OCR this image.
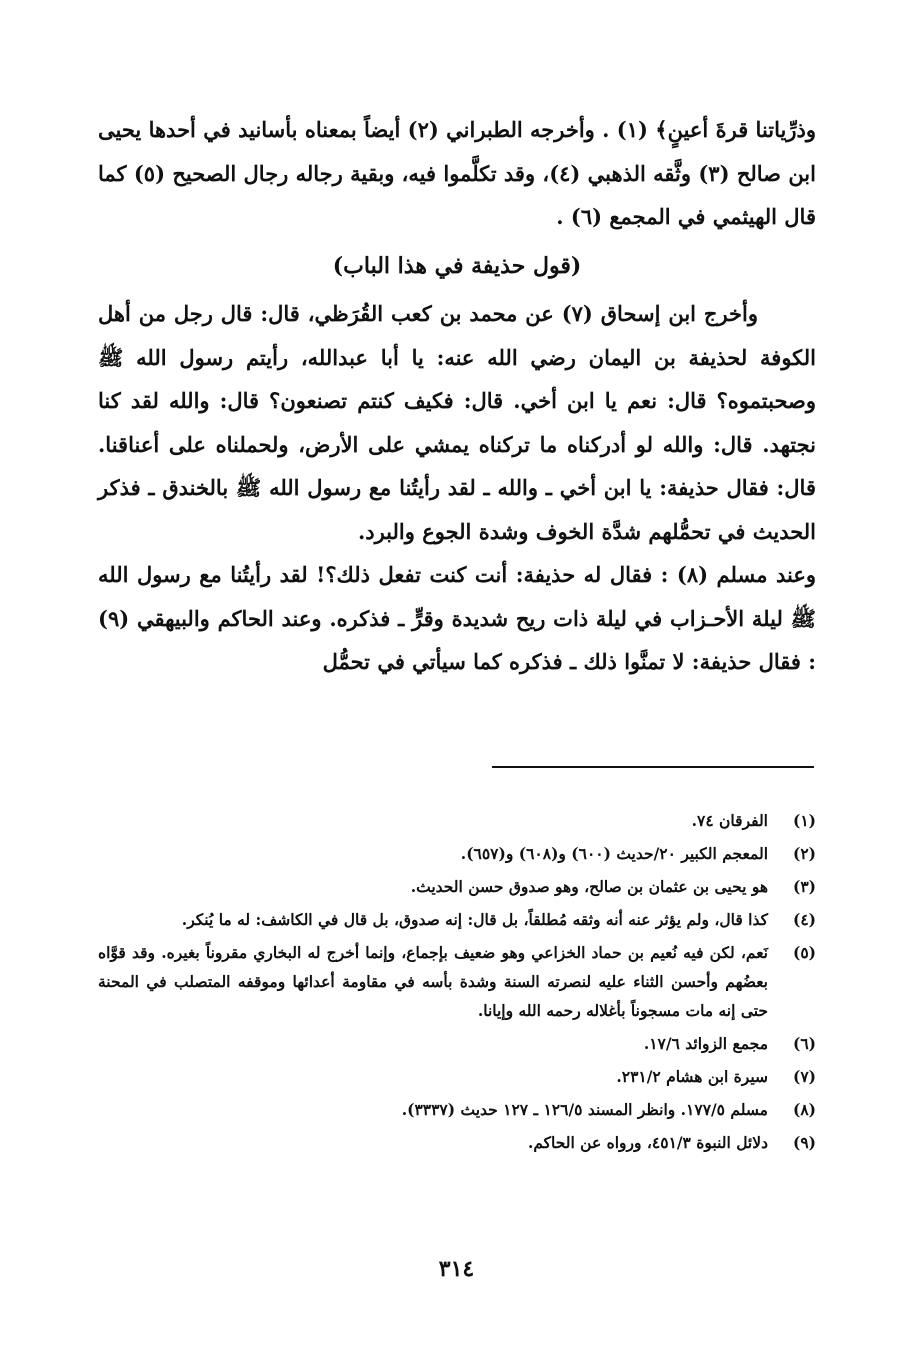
وذرِّياتنا قرةَ أعينٍ﴾ (١) . وأخرجه الطبراني (٢) أيضاً بمعناه بأسانيد في أحدها يحيى ابن صالح (٣) وثَّقه الذهبي (٤)، وقد تكلَّموا فيه، وبقية رجاله رجال الصحيح (٥) كما قال الهيثمي في المجمع (٦) .

(قول حذيفة في هذا الباب)

وأخرج ابن إسحاق (٧) عن محمد بن كعب القُرَظي، قال: قال رجل من أهل الكوفة لحذيفة بن اليمان رضي الله عنه: يا أبا عبدالله، رأيتم رسول الله ﷺ وصحبتموه؟ قال: نعم يا ابن أخي. قال: فكيف كنتم تصنعون؟ قال: والله لقد كنا نجتهد. قال: والله لو أدركناه ما تركناه يمشي على الأرض، ولحملناه على أعناقنا. قال: فقال حذيفة: يا ابن أخي ـ والله ـ لقد رأيتُنا مع رسول الله ﷺ بالخندق ـ فذكر الحديث في تحمُّلهم شدَّة الخوف وشدة الجوع والبرد.

وعند مسلم (٨) : فقال له حذيفة: أنت كنت تفعل ذلك؟! لقد رأيتُنا مع رسول الله ﷺ ليلة الأحـزاب في ليلة ذات ريح شديدة وقرٍّ ـ فذكره. وعند الحاكم والبيهقي (٩) : فقال حذيفة: لا تمنَّوا ذلك ـ فذكره كما سيأتي في تحمُّل

(١)
الفرقان ٧٤.
(٢)
المعجم الكبير ٢٠/حديث (٦٠٠) و(٦٠٨) و(٦٥٧).
(٣)
هو يحيى بن عثمان بن صالح، وهو صدوق حسن الحديث.
(٤)
كذا قال، ولم يؤثر عنه أنه وثقه مُطلقاً، بل قال: إنه صدوق، بل قال في الكاشف: له ما يُنكر.
(٥)
نَعم، لكن فيه نُعيم بن حماد الخزاعي وهو ضعيف بإجماع، وإنما أخرج له البخاري مقروناً بغيره. وقد قوَّاه بعضُهم وأحسن الثناء عليه لنصرته السنة وشدة بأسه في مقاومة أعدائها وموقفه المتصلب في المحنة حتى إنه مات مسجوناً بأغلاله رحمه الله وإيانا.
(٦)
مجمع الزوائد ١٧/٦.
(٧)
سيرة ابن هشام ٢٣١/٢.
(٨)
مسلم ١٧٧/٥. وانظر المسند ١٢٦/٥ ـ ١٢٧ حديث (٣٣٣٧).
(٩)
دلائل النبوة ٤٥١/٣، ورواه عن الحاكم.
٣١٤
